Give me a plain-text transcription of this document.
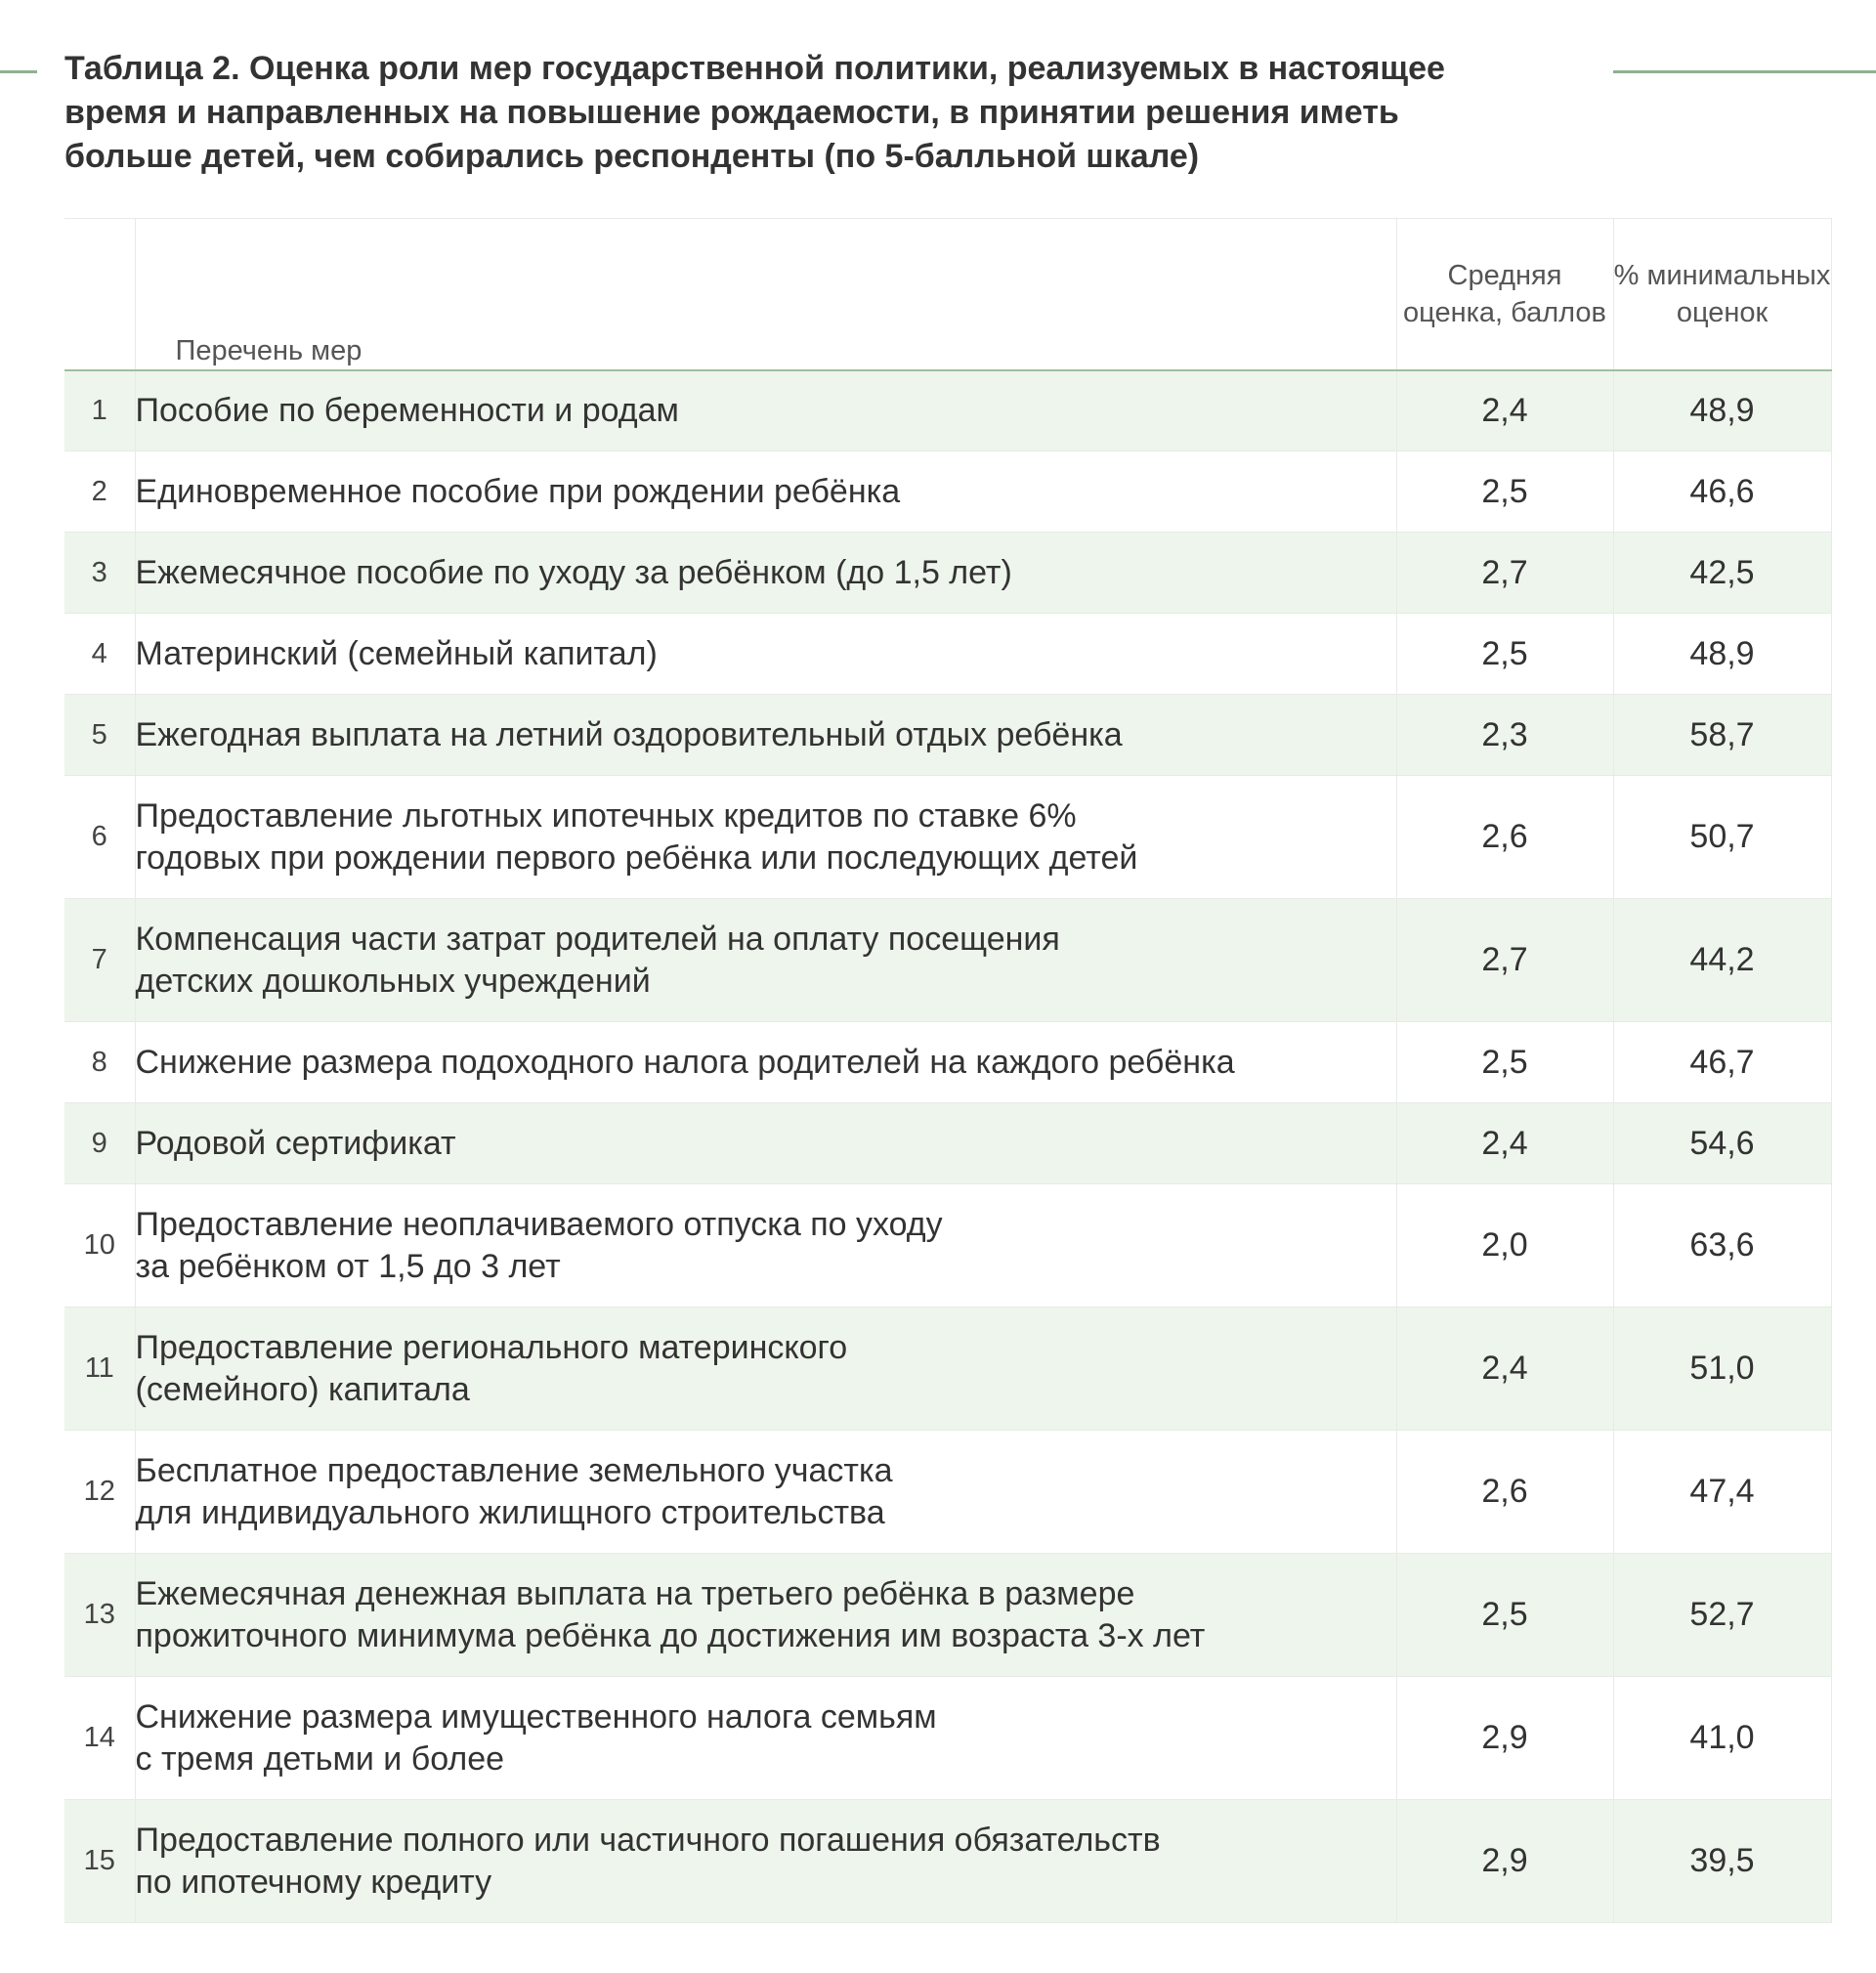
Таблица 2. Оценка роли мер государственной политики, реализуемых в настоящее
время и направленных на повышение рождаемости, в принятии решения иметь
больше детей, чем собирались респонденты (по 5-балльной шкале)
	Перечень мер	Средняя оценка, баллов	% минимальных оценок
1	Пособие по беременности и родам	2,4	48,9
2	Единовременное пособие при рождении ребёнка	2,5	46,6
3	Ежемесячное пособие по уходу за ребёнком (до 1,5 лет)	2,7	42,5
4	Материнский (семейный капитал)	2,5	48,9
5	Ежегодная выплата на летний оздоровительный отдых ребёнка	2,3	58,7
6	Предоставление льготных ипотечных кредитов по ставке 6%
годовых при рождении первого ребёнка или последующих детей	2,6	50,7
7	Компенсация части затрат родителей на оплату посещения
детских дошкольных учреждений	2,7	44,2
8	Снижение размера подоходного налога родителей на каждого ребёнка	2,5	46,7
9	Родовой сертификат	2,4	54,6
10	Предоставление неоплачиваемого отпуска по уходу
за ребёнком от 1,5 до 3 лет	2,0	63,6
11	Предоставление регионального материнского
(семейного) капитала	2,4	51,0
12	Бесплатное предоставление земельного участка
для индивидуального жилищного строительства	2,6	47,4
13	Ежемесячная денежная выплата на третьего ребёнка в размере
прожиточного минимума ребёнка до достижения им возраста 3-х лет	2,5	52,7
14	Снижение размера имущественного налога семьям
с тремя детьми и более	2,9	41,0
15	Предоставление полного или частичного погашения обязательств
по ипотечному кредиту	2,9	39,5
